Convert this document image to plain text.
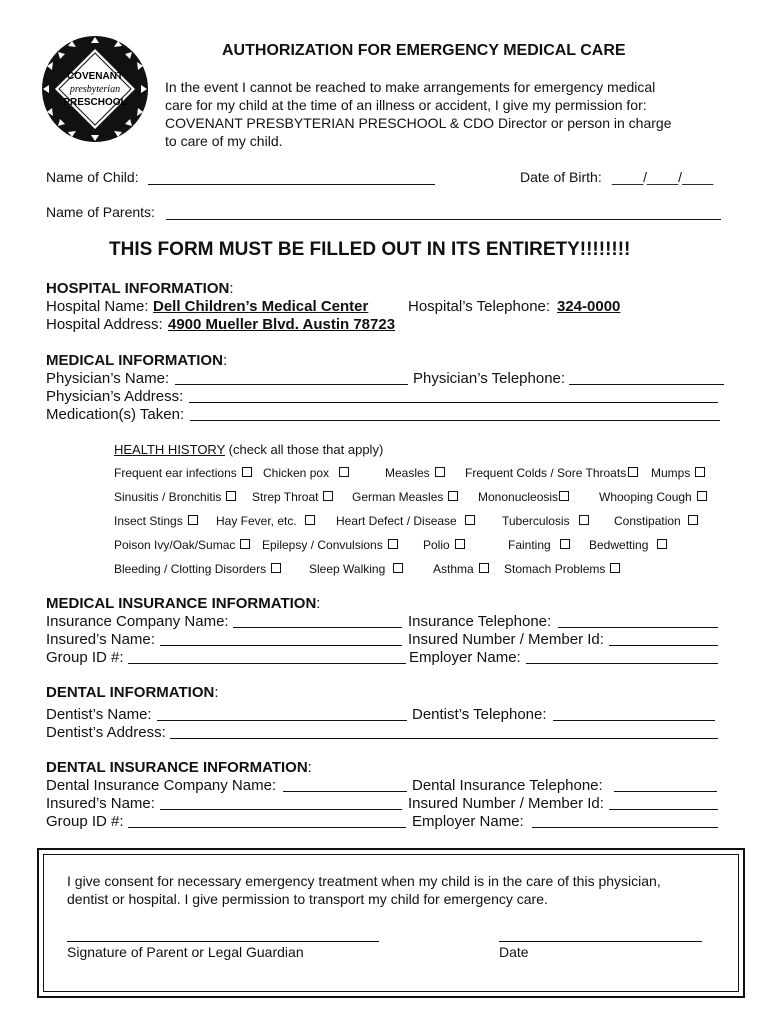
COVENANT
presbyterian
PRESCHOOL
AUTHORIZATION FOR EMERGENCY MEDICAL CARE
In the event I cannot be reached to make arrangements for emergency medical
care for my child at the time of an illness or accident, I give my permission for:
COVENANT PRESBYTERIAN PRESCHOOL & CDO Director or person in charge
to care of my child.
Name of Child:	Date of Birth: ____/____/____
Name of Parents:
THIS FORM MUST BE FILLED OUT IN ITS ENTIRETY!!!!!!!!
HOSPITAL INFORMATION:
Hospital Name: Dell Children’s Medical Center	Hospital’s Telephone: 324-0000
Hospital Address: 4900 Mueller Blvd. Austin 78723
MEDICAL INFORMATION:
Physician’s Name:	Physician’s Telephone:
Physician’s Address:
Medication(s) Taken:
HEALTH HISTORY (check all those that apply)
Frequent ear infections	Chicken pox	Measles	Frequent Colds / Sore Throats	Mumps
Sinusitis / Bronchitis	Strep Throat	German Measles	Mononucleosis	Whooping Cough
Insect Stings	Hay Fever, etc.	Heart Defect / Disease	Tuberculosis	Constipation
Poison Ivy/Oak/Sumac	Epilepsy / Convulsions	Polio	Fainting	Bedwetting
Bleeding / Clotting Disorders	Sleep Walking	Asthma	Stomach Problems
MEDICAL INSURANCE INFORMATION:
Insurance Company Name:	Insurance Telephone:
Insured’s Name:	Insured Number / Member Id:
Group ID #:	Employer Name:
DENTAL INFORMATION:
Dentist’s Name:	Dentist’s Telephone:
Dentist’s Address:
DENTAL INSURANCE INFORMATION:
Dental Insurance Company Name:	Dental Insurance Telephone:
Insured’s Name:	Insured Number / Member Id:
Group ID #:	Employer Name:
I give consent for necessary emergency treatment when my child is in the care of this physician,
dentist or hospital. I give permission to transport my child for emergency care.
Signature of Parent or Legal Guardian	Date
